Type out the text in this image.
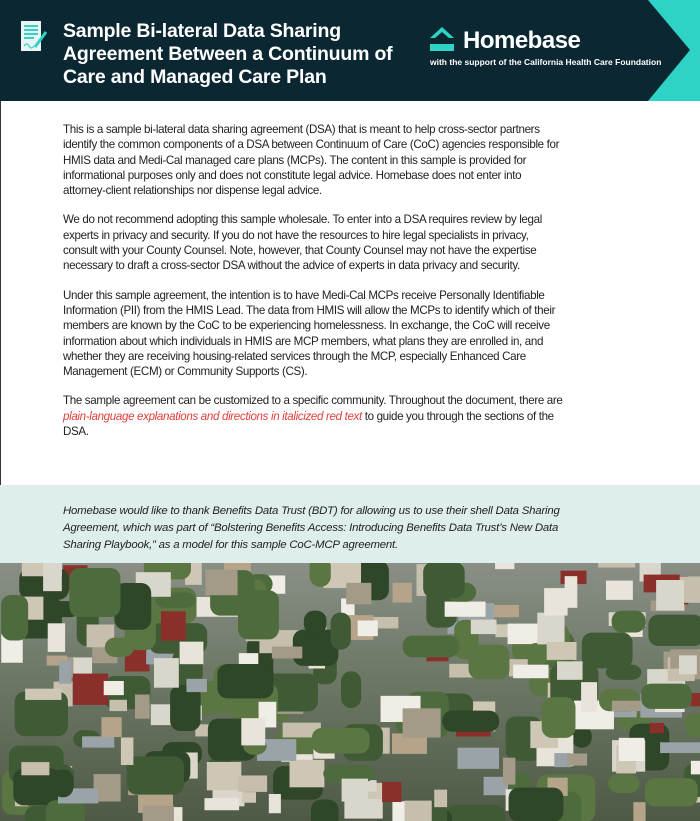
Sample Bi-lateral Data Sharing Agreement Between a Continuum of Care and Managed Care Plan
Homebase
with the support of the California Health Care Foundation

This is a sample bi-lateral data sharing agreement (DSA) that is meant to help cross-sector partners identify the common components of a DSA between Continuum of Care (CoC) agencies responsible for HMIS data and Medi-Cal managed care plans (MCPs). The content in this sample is provided for informational purposes only and does not constitute legal advice. Homebase does not enter into attorney-client relationships nor dispense legal advice.

We do not recommend adopting this sample wholesale. To enter into a DSA requires review by legal experts in privacy and security. If you do not have the resources to hire legal specialists in privacy, consult with your County Counsel. Note, however, that County Counsel may not have the expertise necessary to draft a cross-sector DSA without the advice of experts in data privacy and security.

Under this sample agreement, the intention is to have Medi-Cal MCPs receive Personally Identifiable Information (PII) from the HMIS Lead. The data from HMIS will allow the MCPs to identify which of their members are known by the CoC to be experiencing homelessness. In exchange, the CoC will receive information about which individuals in HMIS are MCP members, what plans they are enrolled in, and whether they are receiving housing-related services through the MCP, especially Enhanced Care Management (ECM) or Community Supports (CS).

The sample agreement can be customized to a specific community. Throughout the document, there are plain-language explanations and directions in italicized red text to guide you through the sections of the DSA.

Homebase would like to thank Benefits Data Trust (BDT) for allowing us to use their shell Data Sharing Agreement, which was part of “Bolstering Benefits Access: Introducing Benefits Data Trust’s New Data Sharing Playbook,” as a model for this sample CoC-MCP agreement.
